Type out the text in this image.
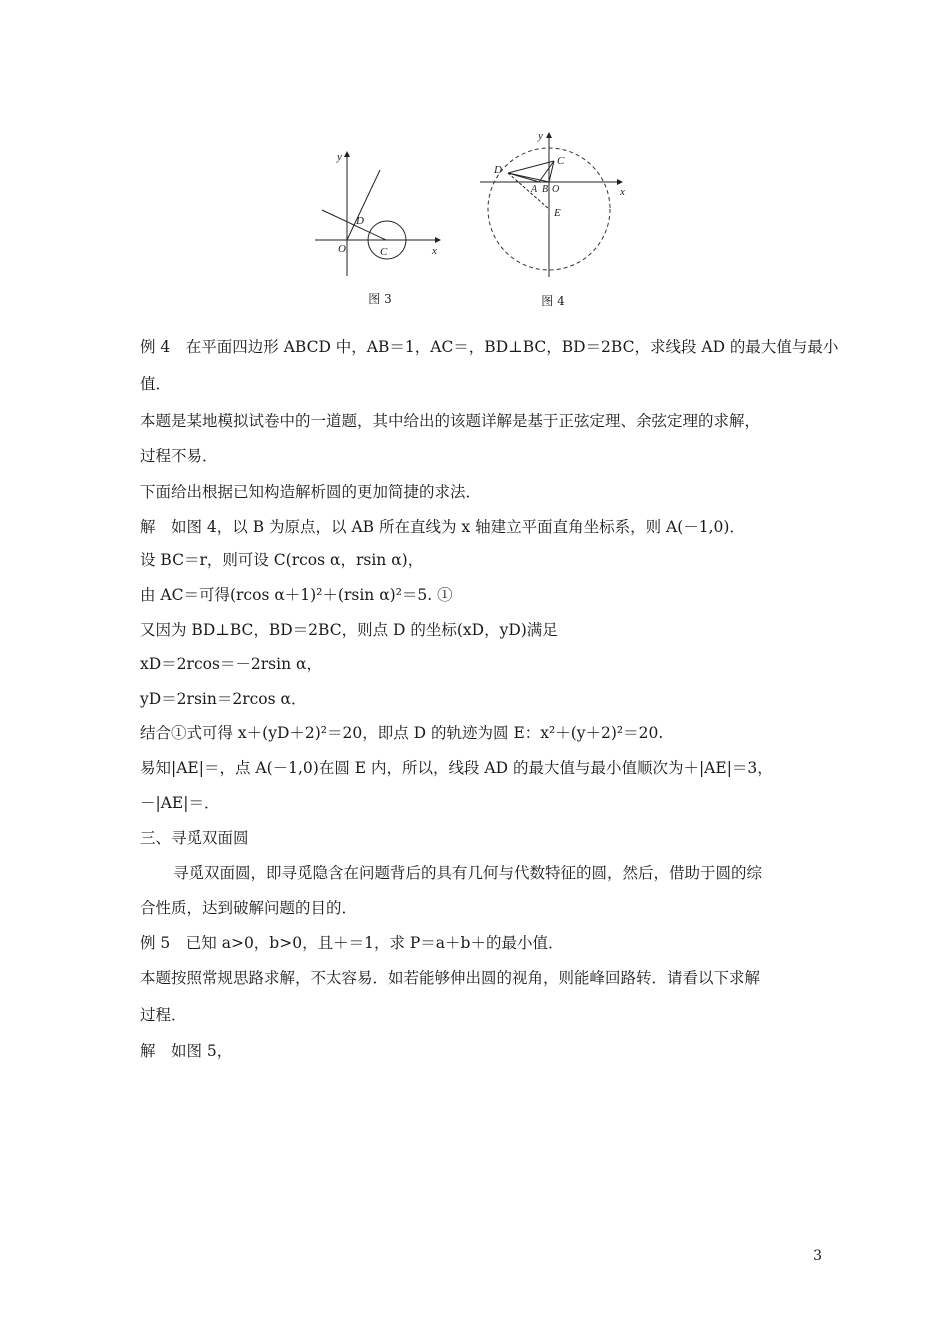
y
D
O	C	x
图 3
y
C
D
A B O	x
E
图 4
例 4　在平面四边形 ABCD 中，AB＝1，AC＝，BD⊥BC，BD＝2BC，求线段 AD 的最大值与最小
值．
本题是某地模拟试卷中的一道题，其中给出的该题详解是基于正弦定理、余弦定理的求解，
过程不易．
下面给出根据已知构造解析圆的更加简捷的求法．
解　如图 4，以 B 为原点，以 AB 所在直线为 x 轴建立平面直角坐标系，则 A(－1,0)．
设 BC＝r，则可设 C(rcos α，rsin α)，
由 AC＝可得(rcos α＋1)²＋(rsin α)²＝5. ①
又因为 BD⊥BC，BD＝2BC，则点 D 的坐标(xD，yD)满足
xD＝2rcos＝－2rsin α，
yD＝2rsin＝2rcos α．
结合①式可得 x＋(yD＋2)²＝20，即点 D 的轨迹为圆 E：x²＋(y＋2)²＝20.
易知|AE|＝，点 A(－1,0)在圆 E 内，所以，线段 AD 的最大值与最小值顺次为＋|AE|＝3，
－|AE|＝．
三、寻觅双面圆
寻觅双面圆，即寻觅隐含在问题背后的具有几何与代数特征的圆，然后，借助于圆的综
合性质，达到破解问题的目的．
例 5　已知 a>0，b>0，且＋＝1，求 P＝a＋b＋的最小值．
本题按照常规思路求解，不太容易．如若能够伸出圆的视角，则能峰回路转．请看以下求解
过程．
解　如图 5，
3
